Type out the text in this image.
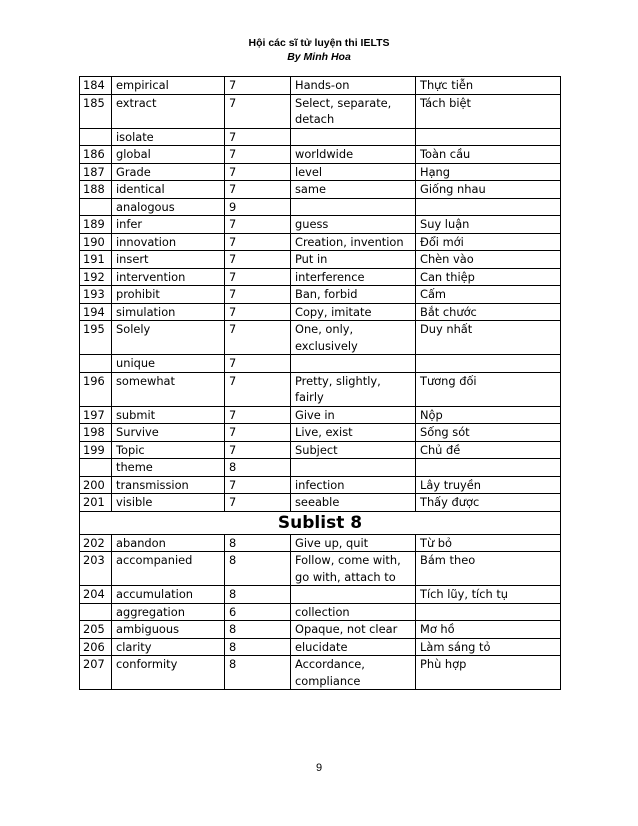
Hội các sĩ tử luyện thi IELTS
By Minh Hoa
184	empirical	7	Hands-on	Thực tiễn
185	extract	7	Select, separate, detach	Tách biệt
	isolate	7		
186	global	7	worldwide	Toàn cầu
187	Grade	7	level	Hạng
188	identical	7	same	Giống nhau
	analogous	9		
189	infer	7	guess	Suy luận
190	innovation	7	Creation, invention	Đổi mới
191	insert	7	Put in	Chèn vào
192	intervention	7	interference	Can thiệp
193	prohibit	7	Ban, forbid	Cấm
194	simulation	7	Copy, imitate	Bắt chước
195	Solely	7	One, only, exclusively	Duy nhất
	unique	7		
196	somewhat	7	Pretty, slightly, fairly	Tương đối
197	submit	7	Give in	Nộp
198	Survive	7	Live, exist	Sống sót
199	Topic	7	Subject	Chủ đề
	theme	8		
200	transmission	7	infection	Lây truyền
201	visible	7	seeable	Thấy được
Sublist 8				
202	abandon	8	Give up, quit	Từ bỏ
203	accompanied	8	Follow, come with, go with, attach to	Bám theo
204	accumulation	8		Tích lũy, tích tụ
	aggregation	6	collection	
205	ambiguous	8	Opaque, not clear	Mơ hồ
206	clarity	8	elucidate	Làm sáng tỏ
207	conformity	8	Accordance, compliance	Phù hợp
9
